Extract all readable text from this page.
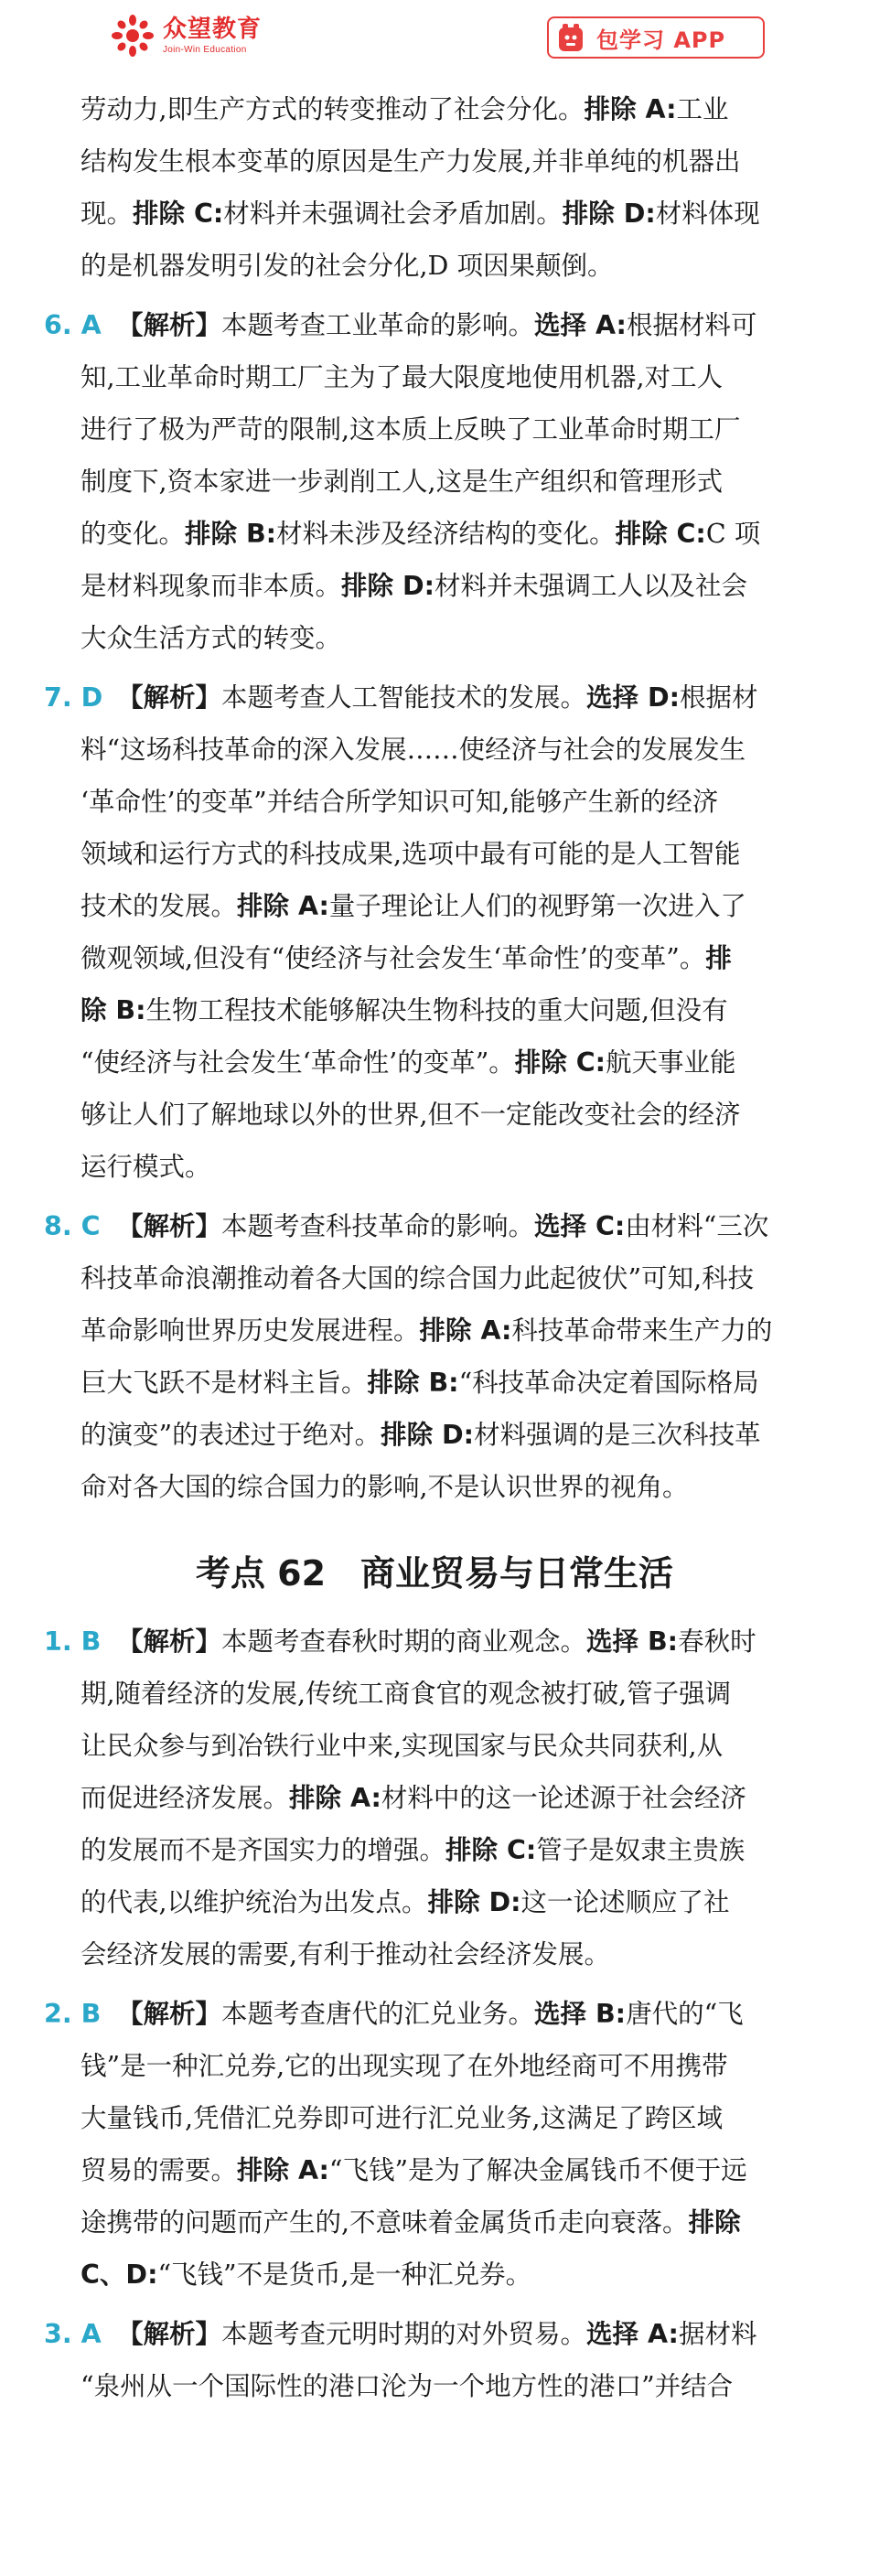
众望教育
Join-Win Education	包学习 APP
劳动力,即生产方式的转变推动了社会分化。排除 A:工业
结构发生根本变革的原因是生产力发展,并非单纯的机器出
现。排除 C:材料并未强调社会矛盾加剧。排除 D:材料体现
的是机器发明引发的社会分化,D 项因果颠倒。
6. A 【解析】本题考查工业革命的影响。选择 A:根据材料可
知,工业革命时期工厂主为了最大限度地使用机器,对工人
进行了极为严苛的限制,这本质上反映了工业革命时期工厂
制度下,资本家进一步剥削工人,这是生产组织和管理形式
的变化。排除 B:材料未涉及经济结构的变化。排除 C:C 项
是材料现象而非本质。排除 D:材料并未强调工人以及社会
大众生活方式的转变。
7. D 【解析】本题考查人工智能技术的发展。选择 D:根据材
料“这场科技革命的深入发展……使经济与社会的发展发生
‘革命性’的变革”并结合所学知识可知,能够产生新的经济
领域和运行方式的科技成果,选项中最有可能的是人工智能
技术的发展。排除 A:量子理论让人们的视野第一次进入了
微观领域,但没有“使经济与社会发生‘革命性’的变革”。排
除 B:生物工程技术能够解决生物科技的重大问题,但没有
“使经济与社会发生‘革命性’的变革”。排除 C:航天事业能
够让人们了解地球以外的世界,但不一定能改变社会的经济
运行模式。
8. C 【解析】本题考查科技革命的影响。选择 C:由材料“三次
科技革命浪潮推动着各大国的综合国力此起彼伏”可知,科技
革命影响世界历史发展进程。排除 A:科技革命带来生产力的
巨大飞跃不是材料主旨。排除 B:“科技革命决定着国际格局
的演变”的表述过于绝对。排除 D:材料强调的是三次科技革
命对各大国的综合国力的影响,不是认识世界的视角。
考点 62　商业贸易与日常生活
1. B 【解析】本题考查春秋时期的商业观念。选择 B:春秋时
期,随着经济的发展,传统工商食官的观念被打破,管子强调
让民众参与到冶铁行业中来,实现国家与民众共同获利,从
而促进经济发展。排除 A:材料中的这一论述源于社会经济
的发展而不是齐国实力的增强。排除 C:管子是奴隶主贵族
的代表,以维护统治为出发点。排除 D:这一论述顺应了社
会经济发展的需要,有利于推动社会经济发展。
2. B 【解析】本题考查唐代的汇兑业务。选择 B:唐代的“飞
钱”是一种汇兑券,它的出现实现了在外地经商可不用携带
大量钱币,凭借汇兑券即可进行汇兑业务,这满足了跨区域
贸易的需要。排除 A:“飞钱”是为了解决金属钱币不便于远
途携带的问题而产生的,不意味着金属货币走向衰落。排除
C、D:“飞钱”不是货币,是一种汇兑券。
3. A 【解析】本题考查元明时期的对外贸易。选择 A:据材料
“泉州从一个国际性的港口沦为一个地方性的港口”并结合
